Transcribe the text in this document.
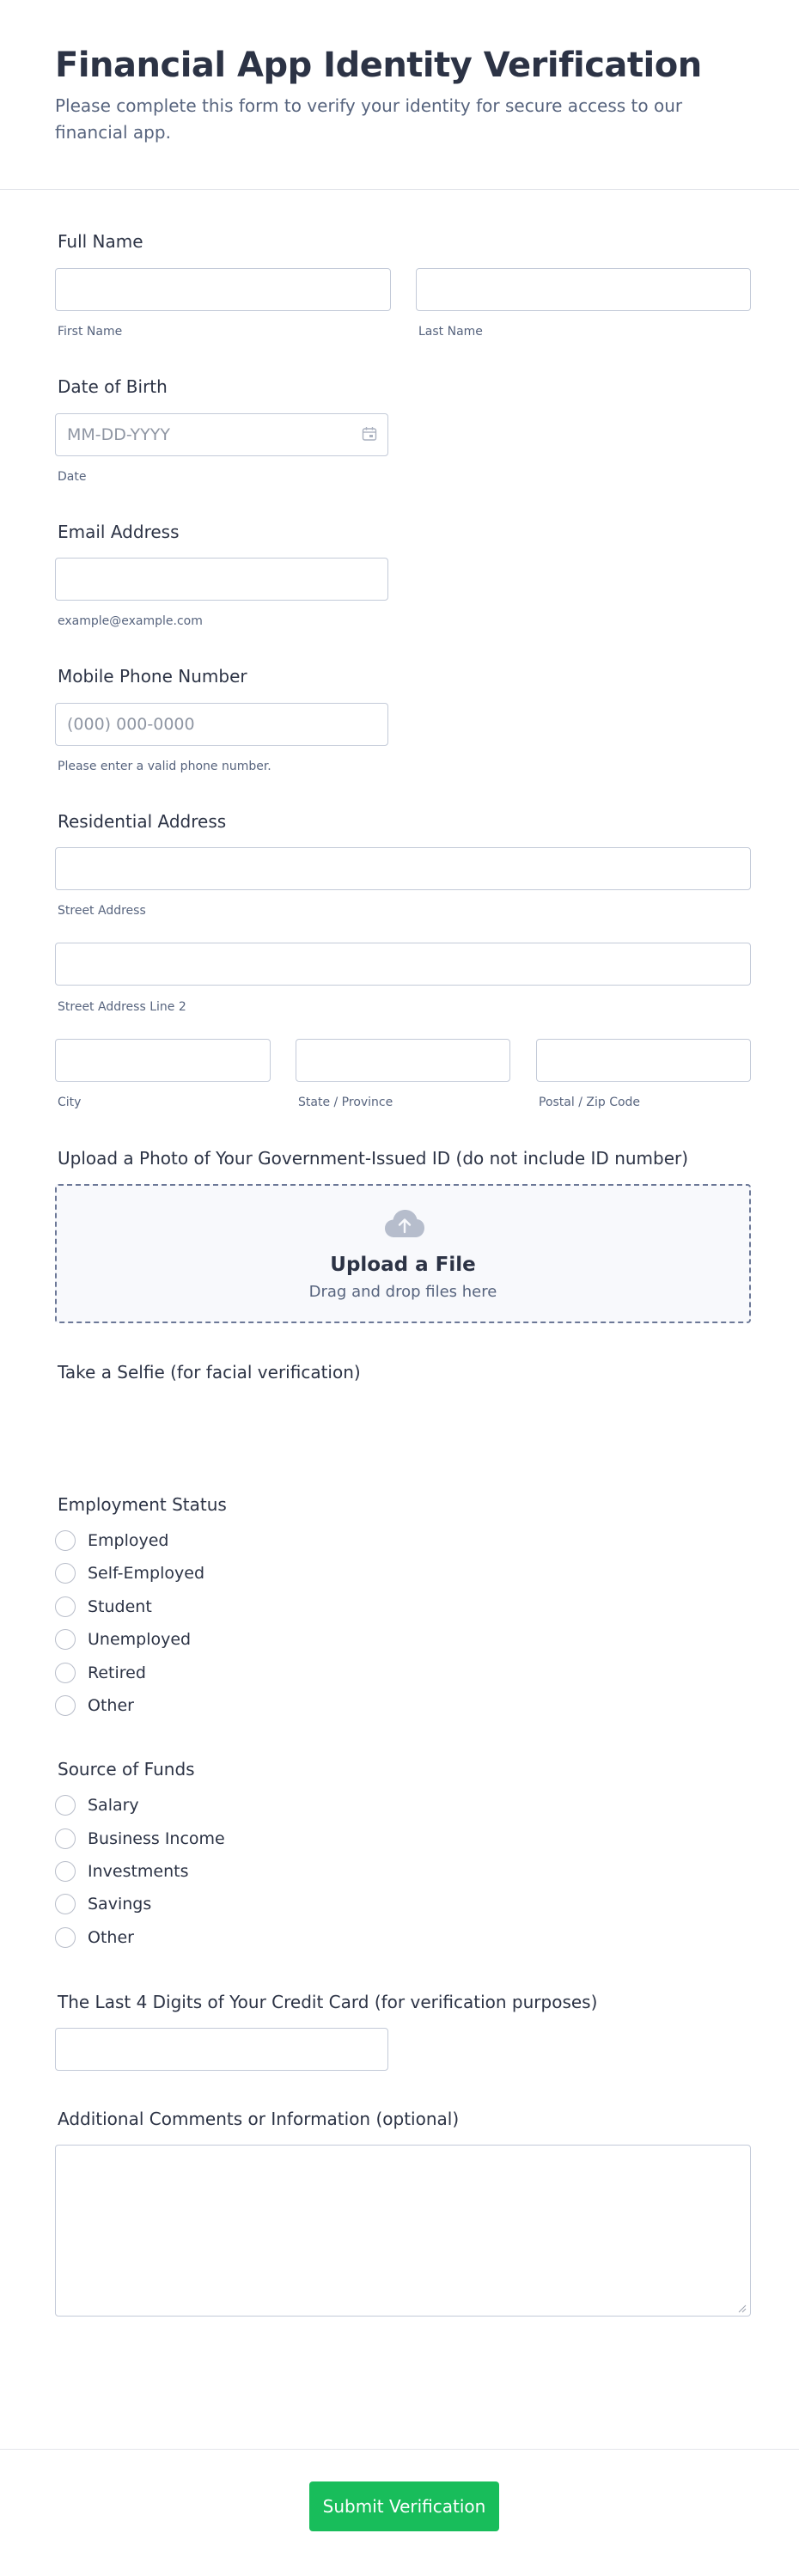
Financial App Identity Verification

Please complete this form to verify your identity for secure access to our financial app.

Full Name
First Name	Last Name
Date of Birth
MM-DD-YYYY
Date
Email Address
example@example.com
Mobile Phone Number
(000) 000-0000
Please enter a valid phone number.
Residential Address
Street Address
Street Address Line 2
City	State / Province	Postal / Zip Code
Upload a Photo of Your Government-Issued ID (do not include ID number)
Upload a File
Drag and drop files here
Take a Selfie (for facial verification)
Employment Status
Employed
Self-Employed
Student
Unemployed
Retired
Other
Source of Funds
Salary
Business Income
Investments
Savings
Other
The Last 4 Digits of Your Credit Card (for verification purposes)
Additional Comments or Information (optional)
Submit Verification
